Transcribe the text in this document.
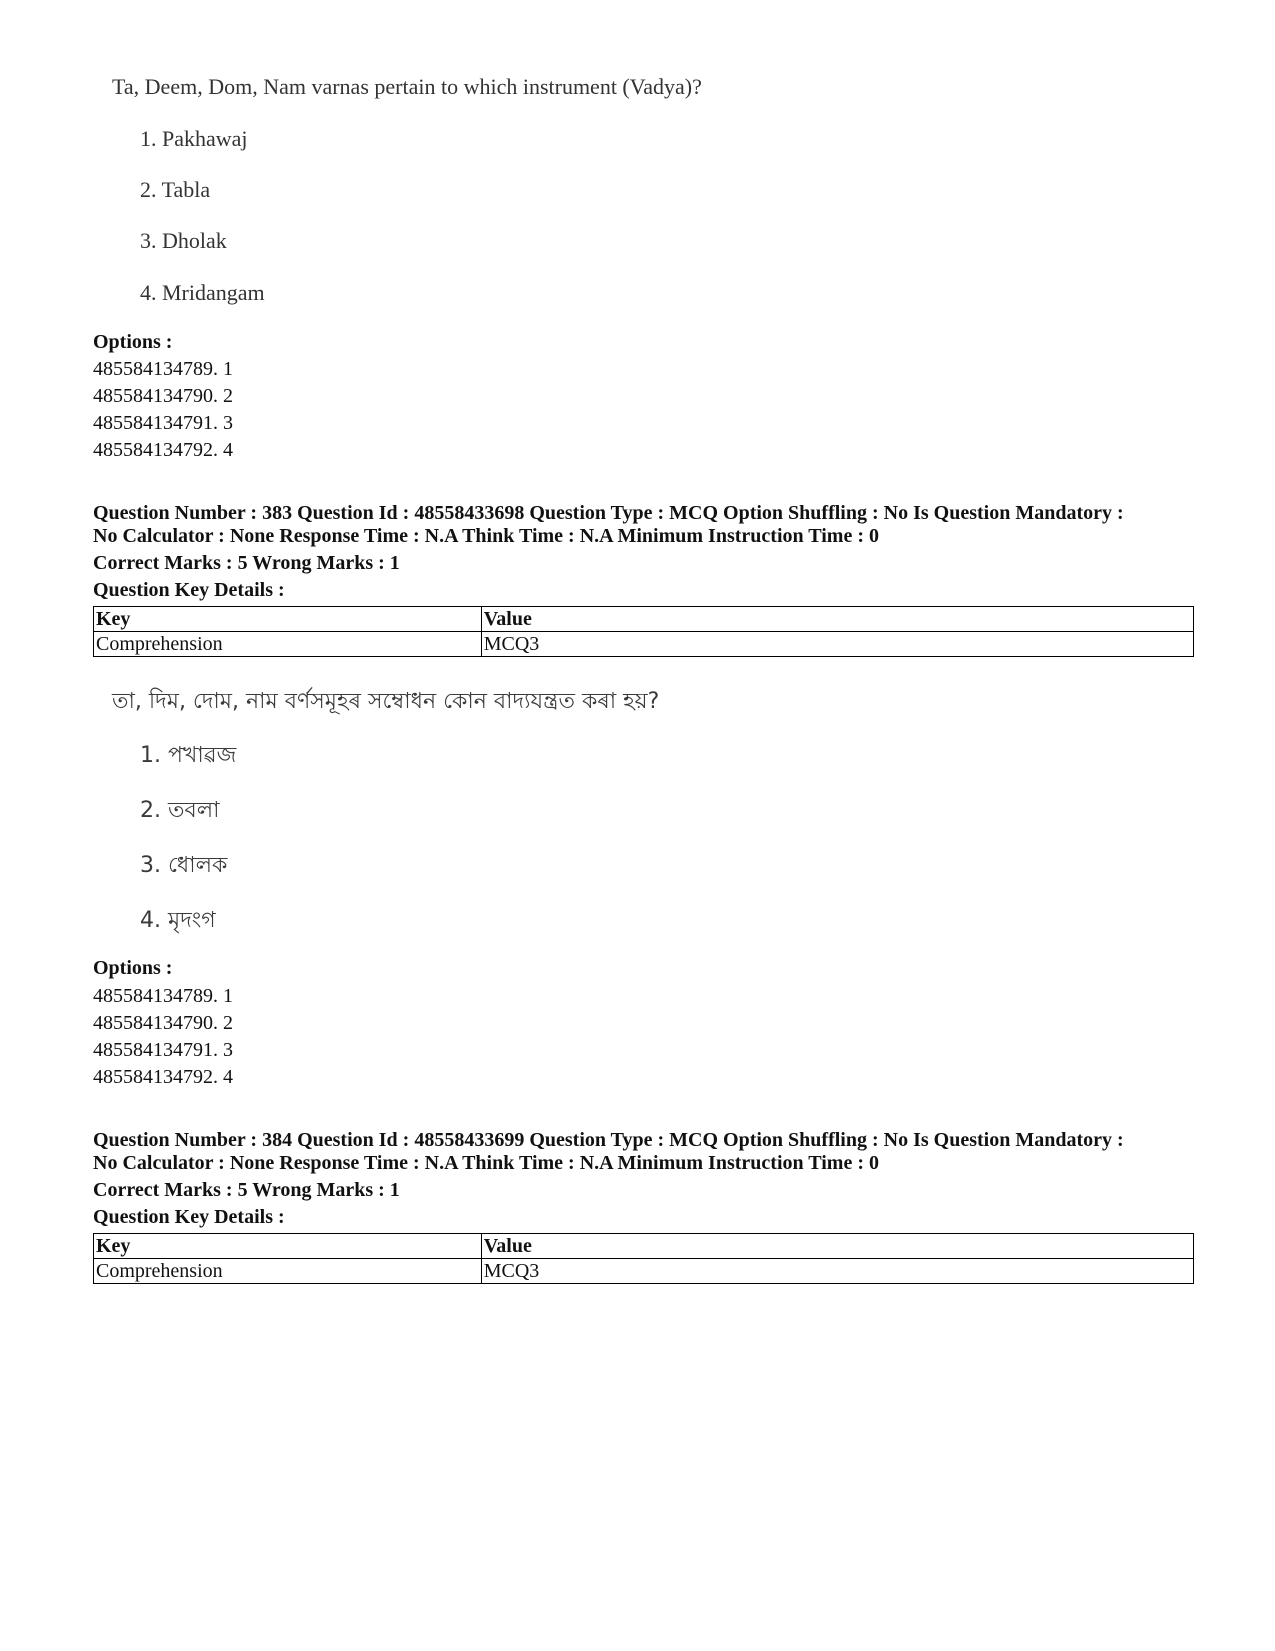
Ta, Deem, Dom, Nam varnas pertain to which instrument (Vadya)?
1. Pakhawaj
2. Tabla
3. Dholak
4. Mridangam
Options :
485584134789. 1
485584134790. 2
485584134791. 3
485584134792. 4
Question Number : 383 Question Id : 48558433698 Question Type : MCQ Option Shuffling : No Is Question Mandatory :
No Calculator : None Response Time : N.A Think Time : N.A Minimum Instruction Time : 0
Correct Marks : 5 Wrong Marks : 1
Question Key Details :
Key	Value
Comprehension	MCQ3
তা, দিম, দোম, নাম বৰ্ণসমূহৰ সম্বোধন কোন বাদ্যযন্ত্ৰত কৰা হয়?
1. পখাৱজ
2. তবলা
3. ধোলক
4. মৃদংগ
Options :
485584134789. 1
485584134790. 2
485584134791. 3
485584134792. 4
Question Number : 384 Question Id : 48558433699 Question Type : MCQ Option Shuffling : No Is Question Mandatory :
No Calculator : None Response Time : N.A Think Time : N.A Minimum Instruction Time : 0
Correct Marks : 5 Wrong Marks : 1
Question Key Details :
Key	Value
Comprehension	MCQ3
